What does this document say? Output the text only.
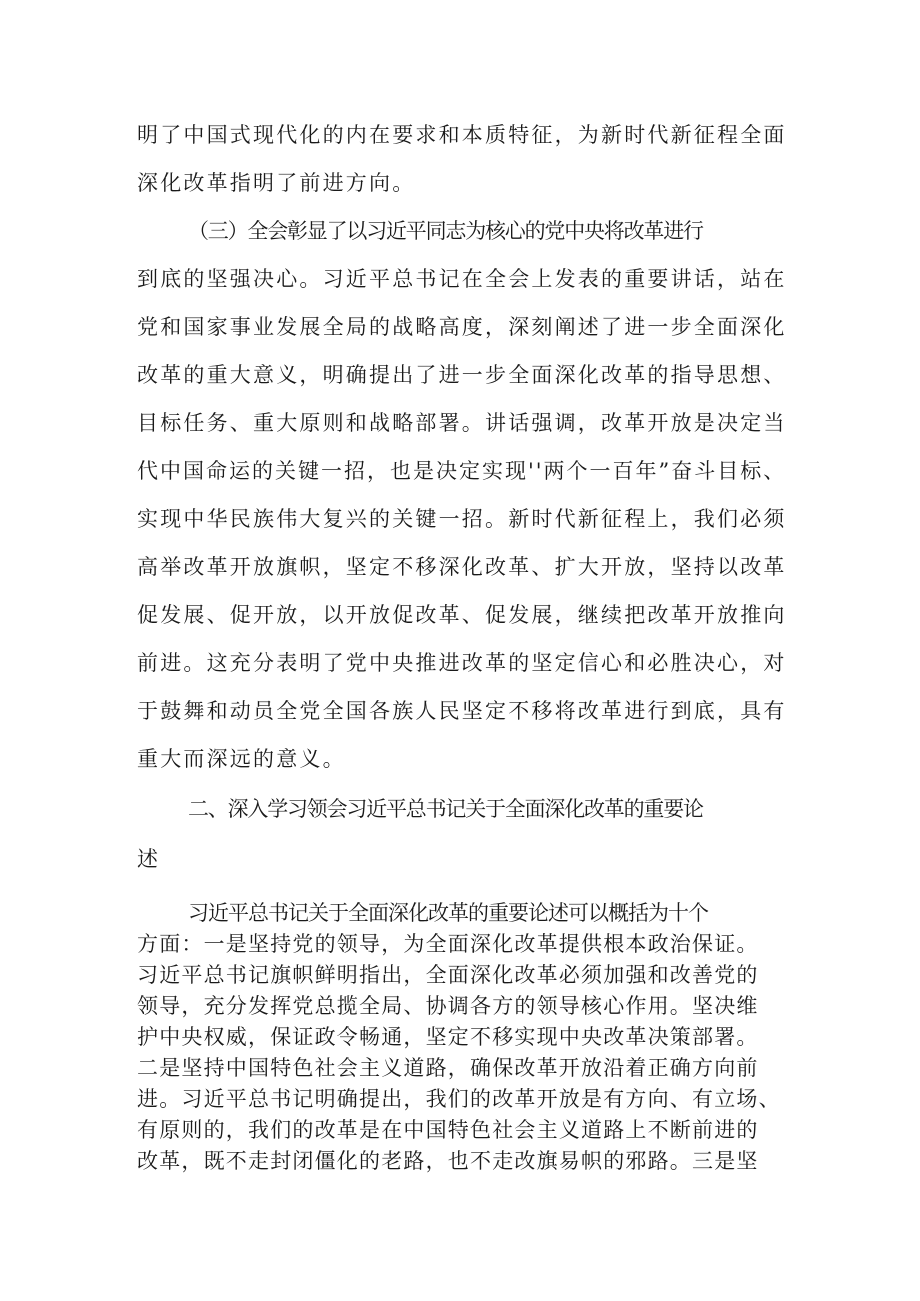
明了中国式现代化的内在要求和本质特征，为新时代新征程全面
深化改革指明了前进方向。
（三）全会彰显了以习近平同志为核心的党中央将改革进行
到底的坚强决心。习近平总书记在全会上发表的重要讲话，站在
党和国家事业发展全局的战略高度，深刻阐述了进一步全面深化
改革的重大意义，明确提出了进一步全面深化改革的指导思想、
目标任务、重大原则和战略部署。讲话强调，改革开放是决定当
代中国命运的关键一招，也是决定实现''两个一百年”奋斗目标、
实现中华民族伟大复兴的关键一招。新时代新征程上，我们必须
高举改革开放旗帜，坚定不移深化改革、扩大开放，坚持以改革
促发展、促开放，以开放促改革、促发展，继续把改革开放推向
前进。这充分表明了党中央推进改革的坚定信心和必胜决心，对
于鼓舞和动员全党全国各族人民坚定不移将改革进行到底，具有
重大而深远的意义。
二、深入学习领会习近平总书记关于全面深化改革的重要论
述
习近平总书记关于全面深化改革的重要论述可以概括为十个
方面：一是坚持党的领导，为全面深化改革提供根本政治保证。
习近平总书记旗帜鲜明指出，全面深化改革必须加强和改善党的
领导，充分发挥党总揽全局、协调各方的领导核心作用。坚决维
护中央权威，保证政令畅通，坚定不移实现中央改革决策部署。
二是坚持中国特色社会主义道路，确保改革开放沿着正确方向前
进。习近平总书记明确提出，我们的改革开放是有方向、有立场、
有原则的，我们的改革是在中国特色社会主义道路上不断前进的
改革，既不走封闭僵化的老路，也不走改旗易帜的邪路。三是坚
